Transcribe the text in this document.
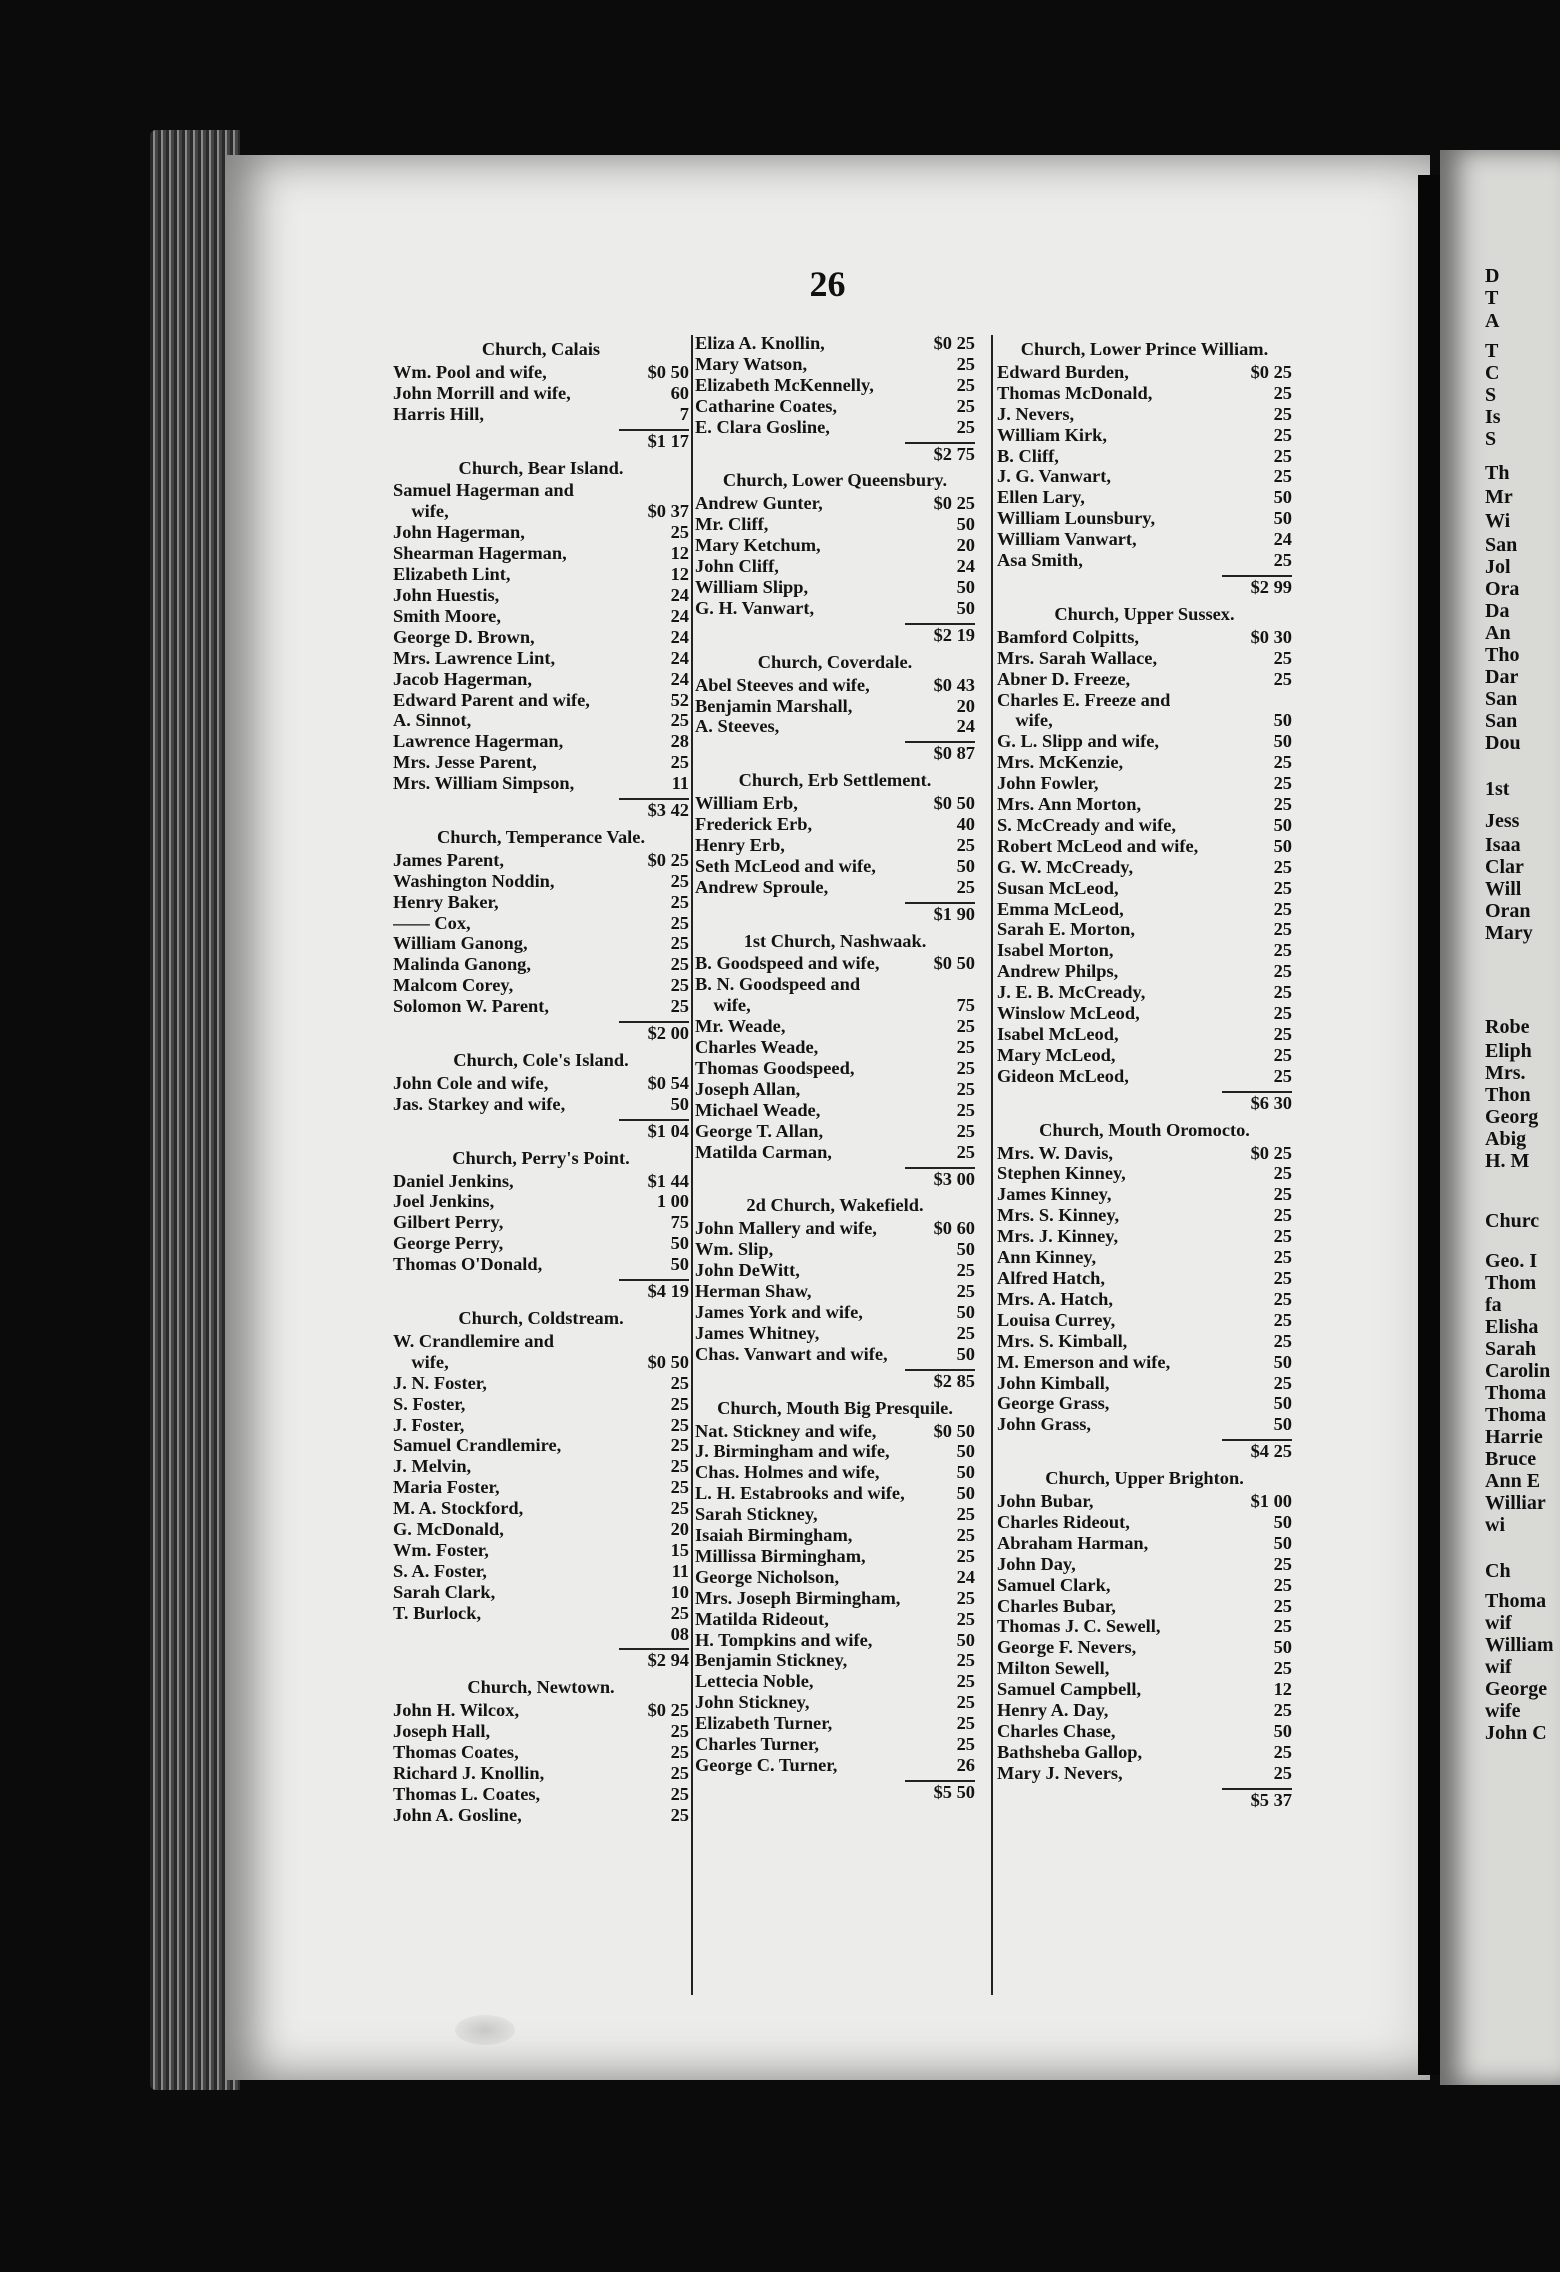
26
Church, Calais
Wm. Pool and wife,	$0 50
John Morrill and wife,	60
Harris Hill,	7
$1 17
Church, Bear Island.
Samuel Hagerman and
wife,	$0 37
John Hagerman,	25
Shearman Hagerman,	12
Elizabeth Lint,	12
John Huestis,	24
Smith Moore,	24
George D. Brown,	24
Mrs. Lawrence Lint,	24
Jacob Hagerman,	24
Edward Parent and wife,	52
A. Sinnot,	25
Lawrence Hagerman,	28
Mrs. Jesse Parent,	25
Mrs. William Simpson,	11
$3 42
Church, Temperance Vale.
James Parent,	$0 25
Washington Noddin,	25
Henry Baker,	25
—— Cox,	25
William Ganong,	25
Malinda Ganong,	25
Malcom Corey,	25
Solomon W. Parent,	25
$2 00
Church, Cole's Island.
John Cole and wife,	$0 54
Jas. Starkey and wife,	50
$1 04
Church, Perry's Point.
Daniel Jenkins,	$1 44
Joel Jenkins,	1 00
Gilbert Perry,	75
George Perry,	50
Thomas O'Donald,	50
$4 19
Church, Coldstream.
W. Crandlemire and
wife,	$0 50
J. N. Foster,	25
S. Foster,	25
J. Foster,	25
Samuel Crandlemire,	25
J. Melvin,	25
Maria Foster,	25
M. A. Stockford,	25
G. McDonald,	20
Wm. Foster,	15
S. A. Foster,	11
Sarah Clark,	10
T. Burlock,	25
08
$2 94
Church, Newtown.
John H. Wilcox,	$0 25
Joseph Hall,	25
Thomas Coates,	25
Richard J. Knollin,	25
Thomas L. Coates,	25
John A. Gosline,	25
Eliza A. Knollin,	$0 25
Mary Watson,	25
Elizabeth McKennelly,	25
Catharine Coates,	25
E. Clara Gosline,	25
$2 75
Church, Lower Queensbury.
Andrew Gunter,	$0 25
Mr. Cliff,	50
Mary Ketchum,	20
John Cliff,	24
William Slipp,	50
G. H. Vanwart,	50
$2 19
Church, Coverdale.
Abel Steeves and wife,	$0 43
Benjamin Marshall,	20
A. Steeves,	24
$0 87
Church, Erb Settlement.
William Erb,	$0 50
Frederick Erb,	40
Henry Erb,	25
Seth McLeod and wife,	50
Andrew Sproule,	25
$1 90
1st Church, Nashwaak.
B. Goodspeed and wife,	$0 50
B. N. Goodspeed and
wife,	75
Mr. Weade,	25
Charles Weade,	25
Thomas Goodspeed,	25
Joseph Allan,	25
Michael Weade,	25
George T. Allan,	25
Matilda Carman,	25
$3 00
2d Church, Wakefield.
John Mallery and wife,	$0 60
Wm. Slip,	50
John DeWitt,	25
Herman Shaw,	25
James York and wife,	50
James Whitney,	25
Chas. Vanwart and wife,	50
$2 85
Church, Mouth Big Presquile.
Nat. Stickney and wife,	$0 50
J. Birmingham and wife,	50
Chas. Holmes and wife,	50
L. H. Estabrooks and wife,	50
Sarah Stickney,	25
Isaiah Birmingham,	25
Millissa Birmingham,	25
George Nicholson,	24
Mrs. Joseph Birmingham,	25
Matilda Rideout,	25
H. Tompkins and wife,	50
Benjamin Stickney,	25
Lettecia Noble,	25
John Stickney,	25
Elizabeth Turner,	25
Charles Turner,	25
George C. Turner,	26
$5 50
Church, Lower Prince William.
Edward Burden,	$0 25
Thomas McDonald,	25
J. Nevers,	25
William Kirk,	25
B. Cliff,	25
J. G. Vanwart,	25
Ellen Lary,	50
William Lounsbury,	50
William Vanwart,	24
Asa Smith,	25
$2 99
Church, Upper Sussex.
Bamford Colpitts,	$0 30
Mrs. Sarah Wallace,	25
Abner D. Freeze,	25
Charles E. Freeze and
wife,	50
G. L. Slipp and wife,	50
Mrs. McKenzie,	25
John Fowler,	25
Mrs. Ann Morton,	25
S. McCready and wife,	50
Robert McLeod and wife,	50
G. W. McCready,	25
Susan McLeod,	25
Emma McLeod,	25
Sarah E. Morton,	25
Isabel Morton,	25
Andrew Philps,	25
J. E. B. McCready,	25
Winslow McLeod,	25
Isabel McLeod,	25
Mary McLeod,	25
Gideon McLeod,	25
$6 30
Church, Mouth Oromocto.
Mrs. W. Davis,	$0 25
Stephen Kinney,	25
James Kinney,	25
Mrs. S. Kinney,	25
Mrs. J. Kinney,	25
Ann Kinney,	25
Alfred Hatch,	25
Mrs. A. Hatch,	25
Louisa Currey,	25
Mrs. S. Kimball,	25
M. Emerson and wife,	50
John Kimball,	25
George Grass,	50
John Grass,	50
$4 25
Church, Upper Brighton.
John Bubar,	$1 00
Charles Rideout,	50
Abraham Harman,	50
John Day,	25
Samuel Clark,	25
Charles Bubar,	25
Thomas J. C. Sewell,	25
George F. Nevers,	50
Milton Sewell,	25
Samuel Campbell,	12
Henry A. Day,	25
Charles Chase,	50
Bathsheba Gallop,	25
Mary J. Nevers,	25
$5 37
D
T
A
T
C
S
Is
S
Th
Mr
Wi
San
Jol
Ora
Da
An
Tho
Dar
San
San
Dou
1st
Jess
Isaa
Clar
Will
Oran
Mary
Robe
Eliph
Mrs.
Thon
Georg
Abig
H. M
Churc
Geo. I
Thom
fa
Elisha
Sarah
Carolin
Thoma
Thoma
Harrie
Bruce
Ann E
Williar
wi
Ch
Thoma
wif
William
wif
George
wife
John C
